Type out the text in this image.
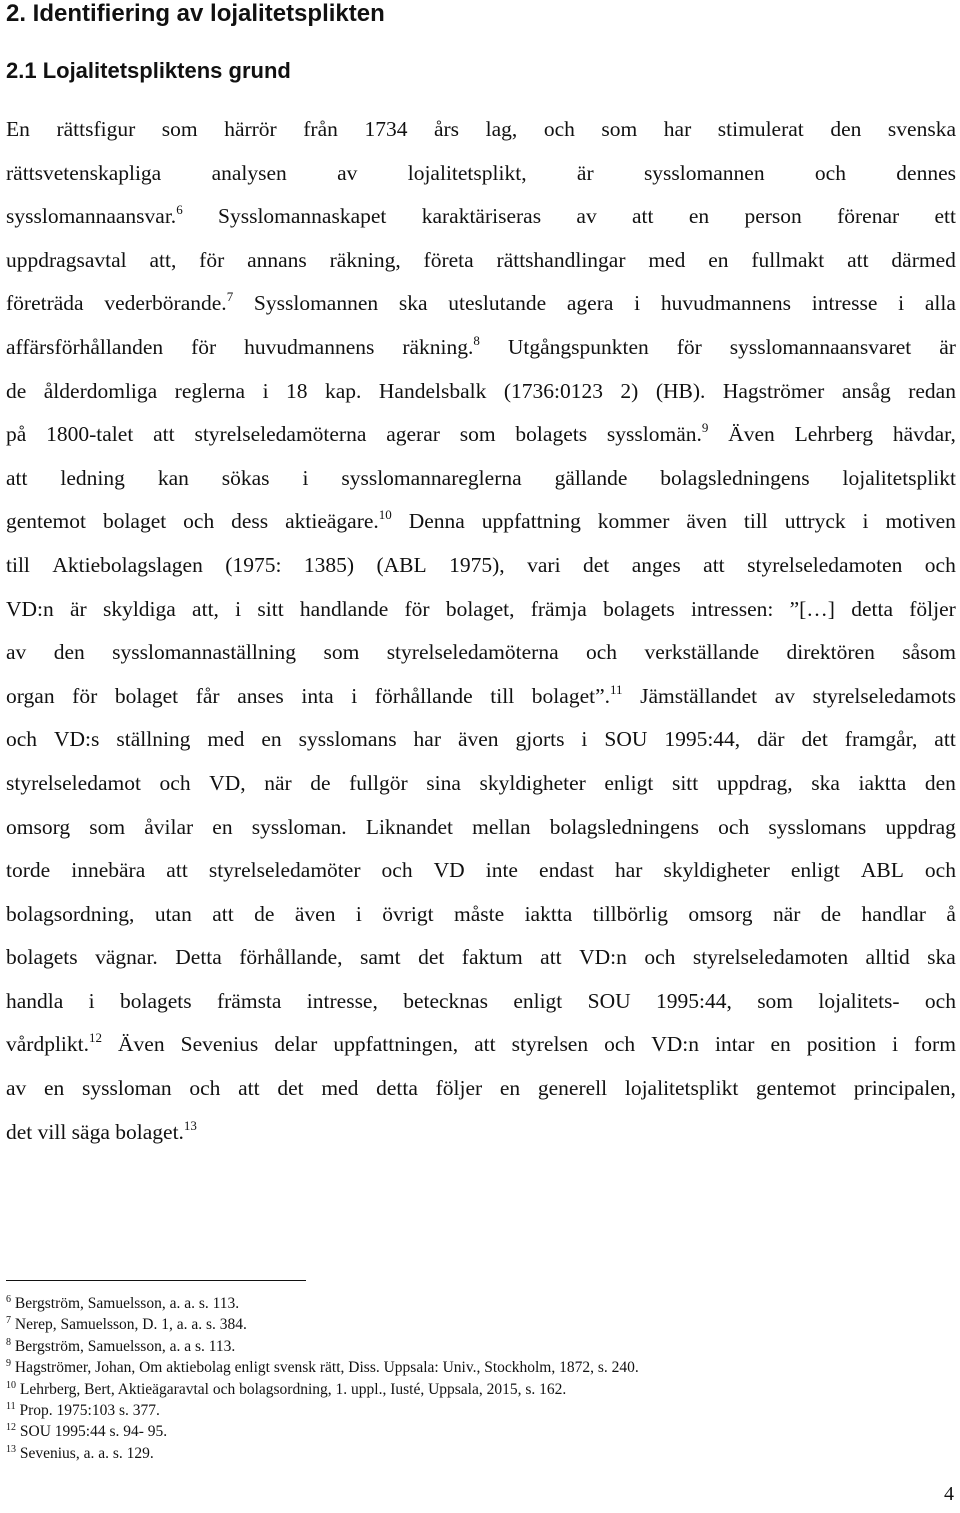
2. Identifiering av lojalitetsplikten
2.1 Lojalitetspliktens grund
En rättsfigur som härrör från 1734 års lag, och som har stimulerat den svenska
rättsvetenskapliga analysen av lojalitetsplikt, är sysslomannen och dennes
sysslomannaansvar.$^6$ Sysslomannaskapet karaktäriseras av att en person förenar ett
uppdragsavtal att, för annans räkning, företa rättshandlingar med en fullmakt att därmed
företräda vederbörande.$^7$ Sysslomannen ska uteslutande agera i huvudmannens intresse i alla
affärsförhållanden för huvudmannens räkning.$^8$ Utgångspunkten för sysslomannaansvaret är
de ålderdomliga reglerna i 18 kap. Handelsbalk (1736:0123 2) (HB). Hagströmer ansåg redan
på 1800-talet att styrelseledamöterna agerar som bolagets sysslomän.$^9$ Även Lehrberg hävdar,
att ledning kan sökas i sysslomannareglerna gällande bolagsledningens lojalitetsplikt
gentemot bolaget och dess aktieägare.$^{10}$ Denna uppfattning kommer även till uttryck i motiven
till Aktiebolagslagen (1975: 1385) (ABL 1975), vari det anges att styrelseledamoten och
VD:n är skyldiga att, i sitt handlande för bolaget, främja bolagets intressen: ”[…] detta följer
av den sysslomannaställning som styrelseledamöterna och verkställande direktören såsom
organ för bolaget får anses inta i förhållande till bolaget”.$^{11}$ Jämställandet av styrelseledamots
och VD:s ställning med en sysslomans har även gjorts i SOU 1995:44, där det framgår, att
styrelseledamot och VD, när de fullgör sina skyldigheter enligt sitt uppdrag, ska iaktta den
omsorg som åvilar en syssloman. Liknandet mellan bolagsledningens och sysslomans uppdrag
torde innebära att styrelseledamöter och VD inte endast har skyldigheter enligt ABL och
bolagsordning, utan att de även i övrigt måste iaktta tillbörlig omsorg när de handlar å
bolagets vägnar. Detta förhållande, samt det faktum att VD:n och styrelseledamoten alltid ska
handla i bolagets främsta intresse, betecknas enligt SOU 1995:44, som lojalitets- och
vårdplikt.$^{12}$ Även Sevenius delar uppfattningen, att styrelsen och VD:n intar en position i form
av en syssloman och att det med detta följer en generell lojalitetsplikt gentemot principalen,
det vill säga bolaget.$^{13}$
$^6$ Bergström, Samuelsson, a. a. s. 113.
$^7$ Nerep, Samuelsson, D. 1, a. a. s. 384.
$^8$ Bergström, Samuelsson, a. a s. 113.
$^9$ Hagströmer, Johan, Om aktiebolag enligt svensk rätt, Diss. Uppsala: Univ., Stockholm, 1872, s. 240.
$^{10}$ Lehrberg, Bert, Aktieägaravtal och bolagsordning, 1. uppl., Iusté, Uppsala, 2015, s. 162.
$^{11}$ Prop. 1975:103 s. 377.
$^{12}$ SOU 1995:44 s. 94- 95.
$^{13}$ Sevenius, a. a. s. 129.
4
